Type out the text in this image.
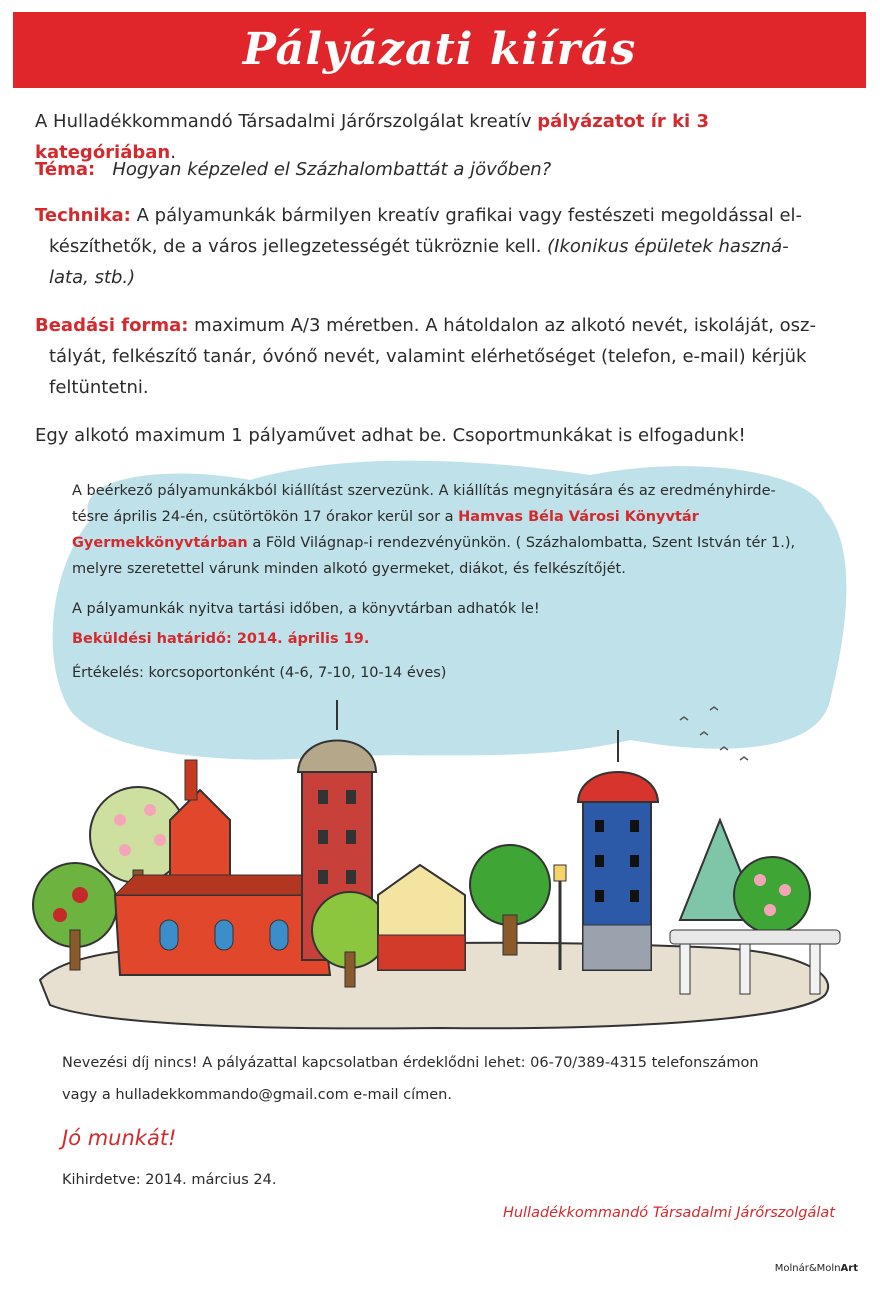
Pályázati kiírás

A Hulladékkommandó Társadalmi Járőrszolgálat kreatív pályázatot ír ki 3 kategóriában.

Téma: Hogyan képzeled el Százhalombattát a jövőben?

Technika: A pályamunkák bármilyen kreatív grafikai vagy festészeti megoldással el-
készíthetők, de a város jellegzetességét tükröznie kell. (Ikonikus épületek haszná-
lata, stb.)
Beadási forma: maximum A/3 méretben. A hátoldalon az alkotó nevét, iskoláját, osz-
tályát, felkészítő tanár, óvónő nevét, valamint elérhetőséget (telefon, e-mail) kérjük
feltüntetni.

Egy alkotó maximum 1 pályaművet adhat be. Csoportmunkákat is elfogadunk!

A beérkező pályamunkákból kiállítást szervezünk. A kiállítás megnyitására és az eredményhirde-
tésre április 24-én, csütörtökön 17 órakor kerül sor a Hamvas Béla Városi Könyvtár
Gyermekkönyvtárban a Föld Világnap-i rendezvényünkön. ( Százhalombatta, Szent István tér 1.),
melyre szeretettel várunk minden alkotó gyermeket, diákot, és felkészítőjét.

A pályamunkák nyitva tartási időben, a könyvtárban adhatók le!

Beküldési határidő: 2014. április 19.

Értékelés: korcsoportonként (4-6, 7-10, 10-14 éves)

Nevezési díj nincs! A pályázattal kapcsolatban érdeklődni lehet: 06-70/389-4315 telefonszámon

vagy a hulladekkommando@gmail.com e-mail címen.

Jó munkát!

Kihirdetve: 2014. március 24.

Hulladékkommandó Társadalmi Járőrszolgálat

Molnár&MolnArt
